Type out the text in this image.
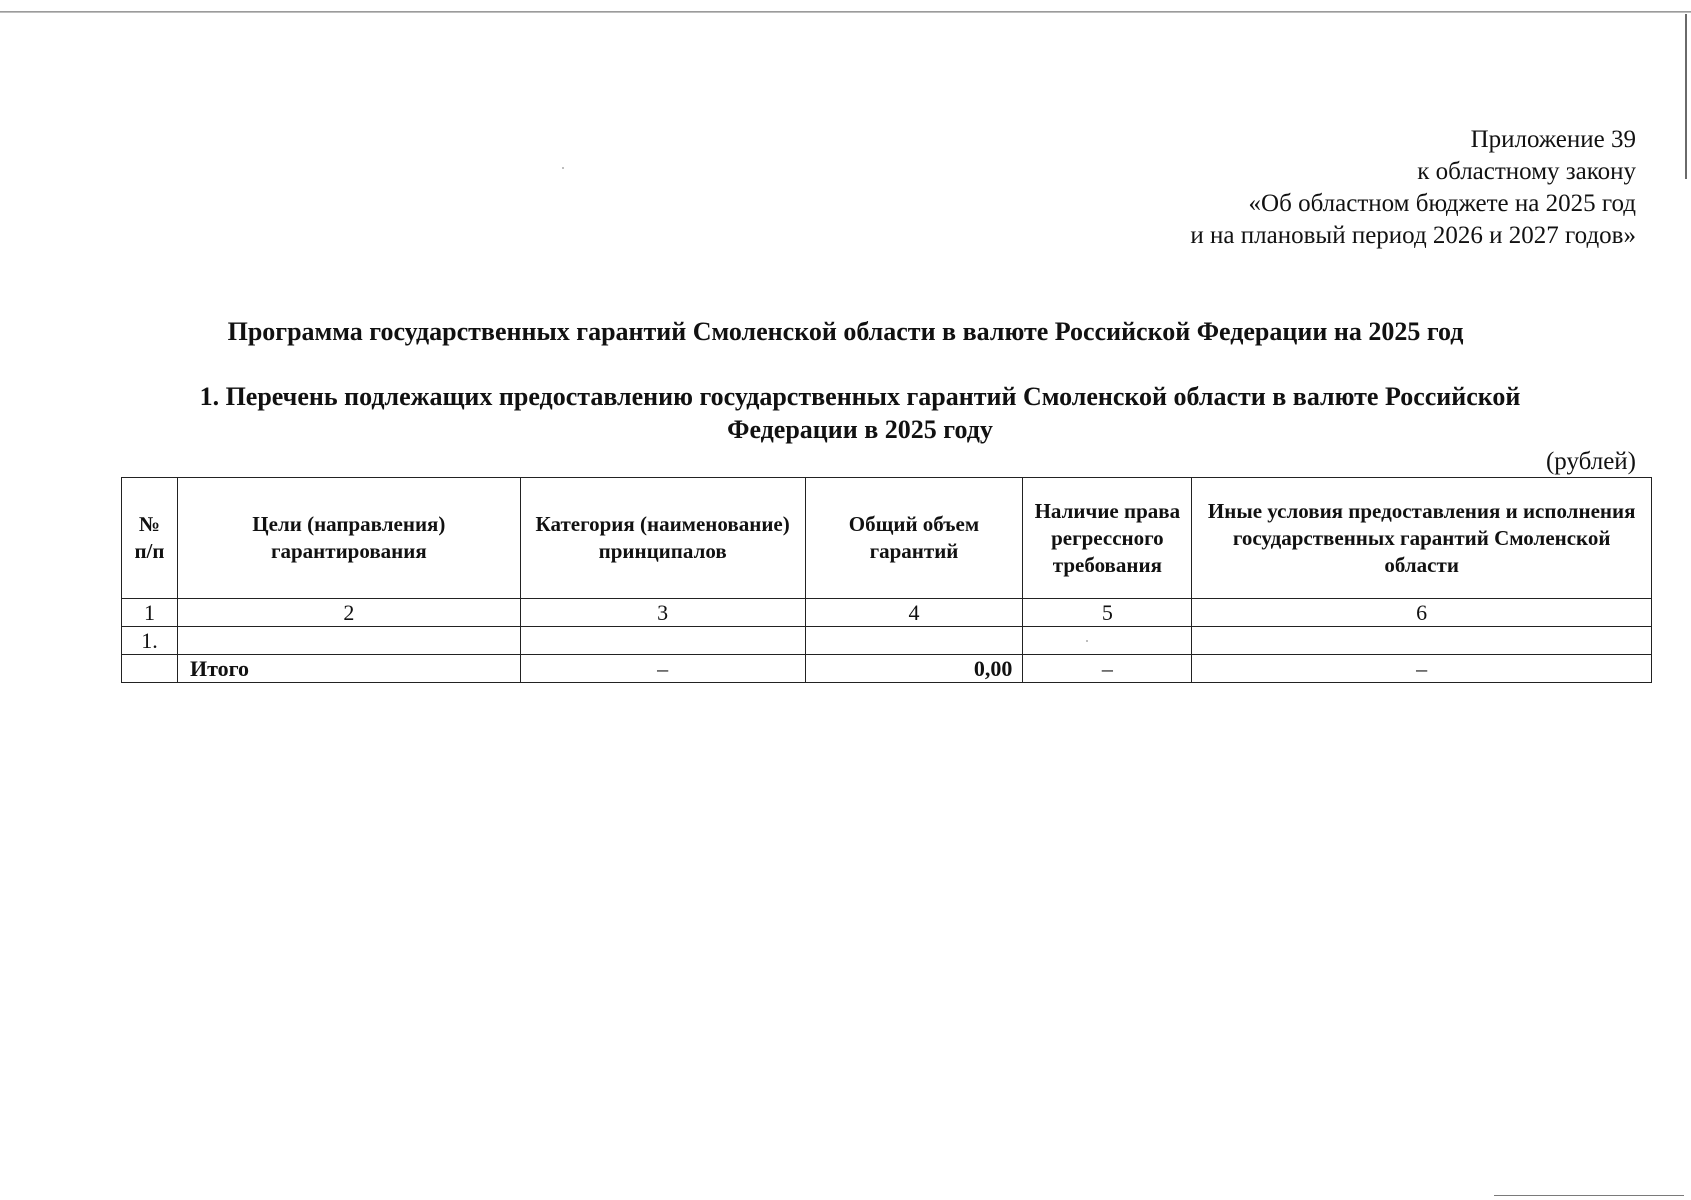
Приложение 39
к областному закону
«Об областном бюджете на 2025 год
и на плановый период 2026 и 2027 годов»
Программа государственных гарантий Смоленской области в валюте Российской Федерации на 2025 год
1. Перечень подлежащих предоставлению государственных гарантий Смоленской области в валюте Российской
Федерации в 2025 году
(рублей)
№ п/п	Цели (направления) гарантирования	Категория (наименование) принципалов	Общий объем гарантий	Наличие права регрессного требования	Иные условия предоставления и исполнения государственных гарантий Смоленской области
1	2	3	4	5	6
1.					
	Итого	–	0,00	–	–
